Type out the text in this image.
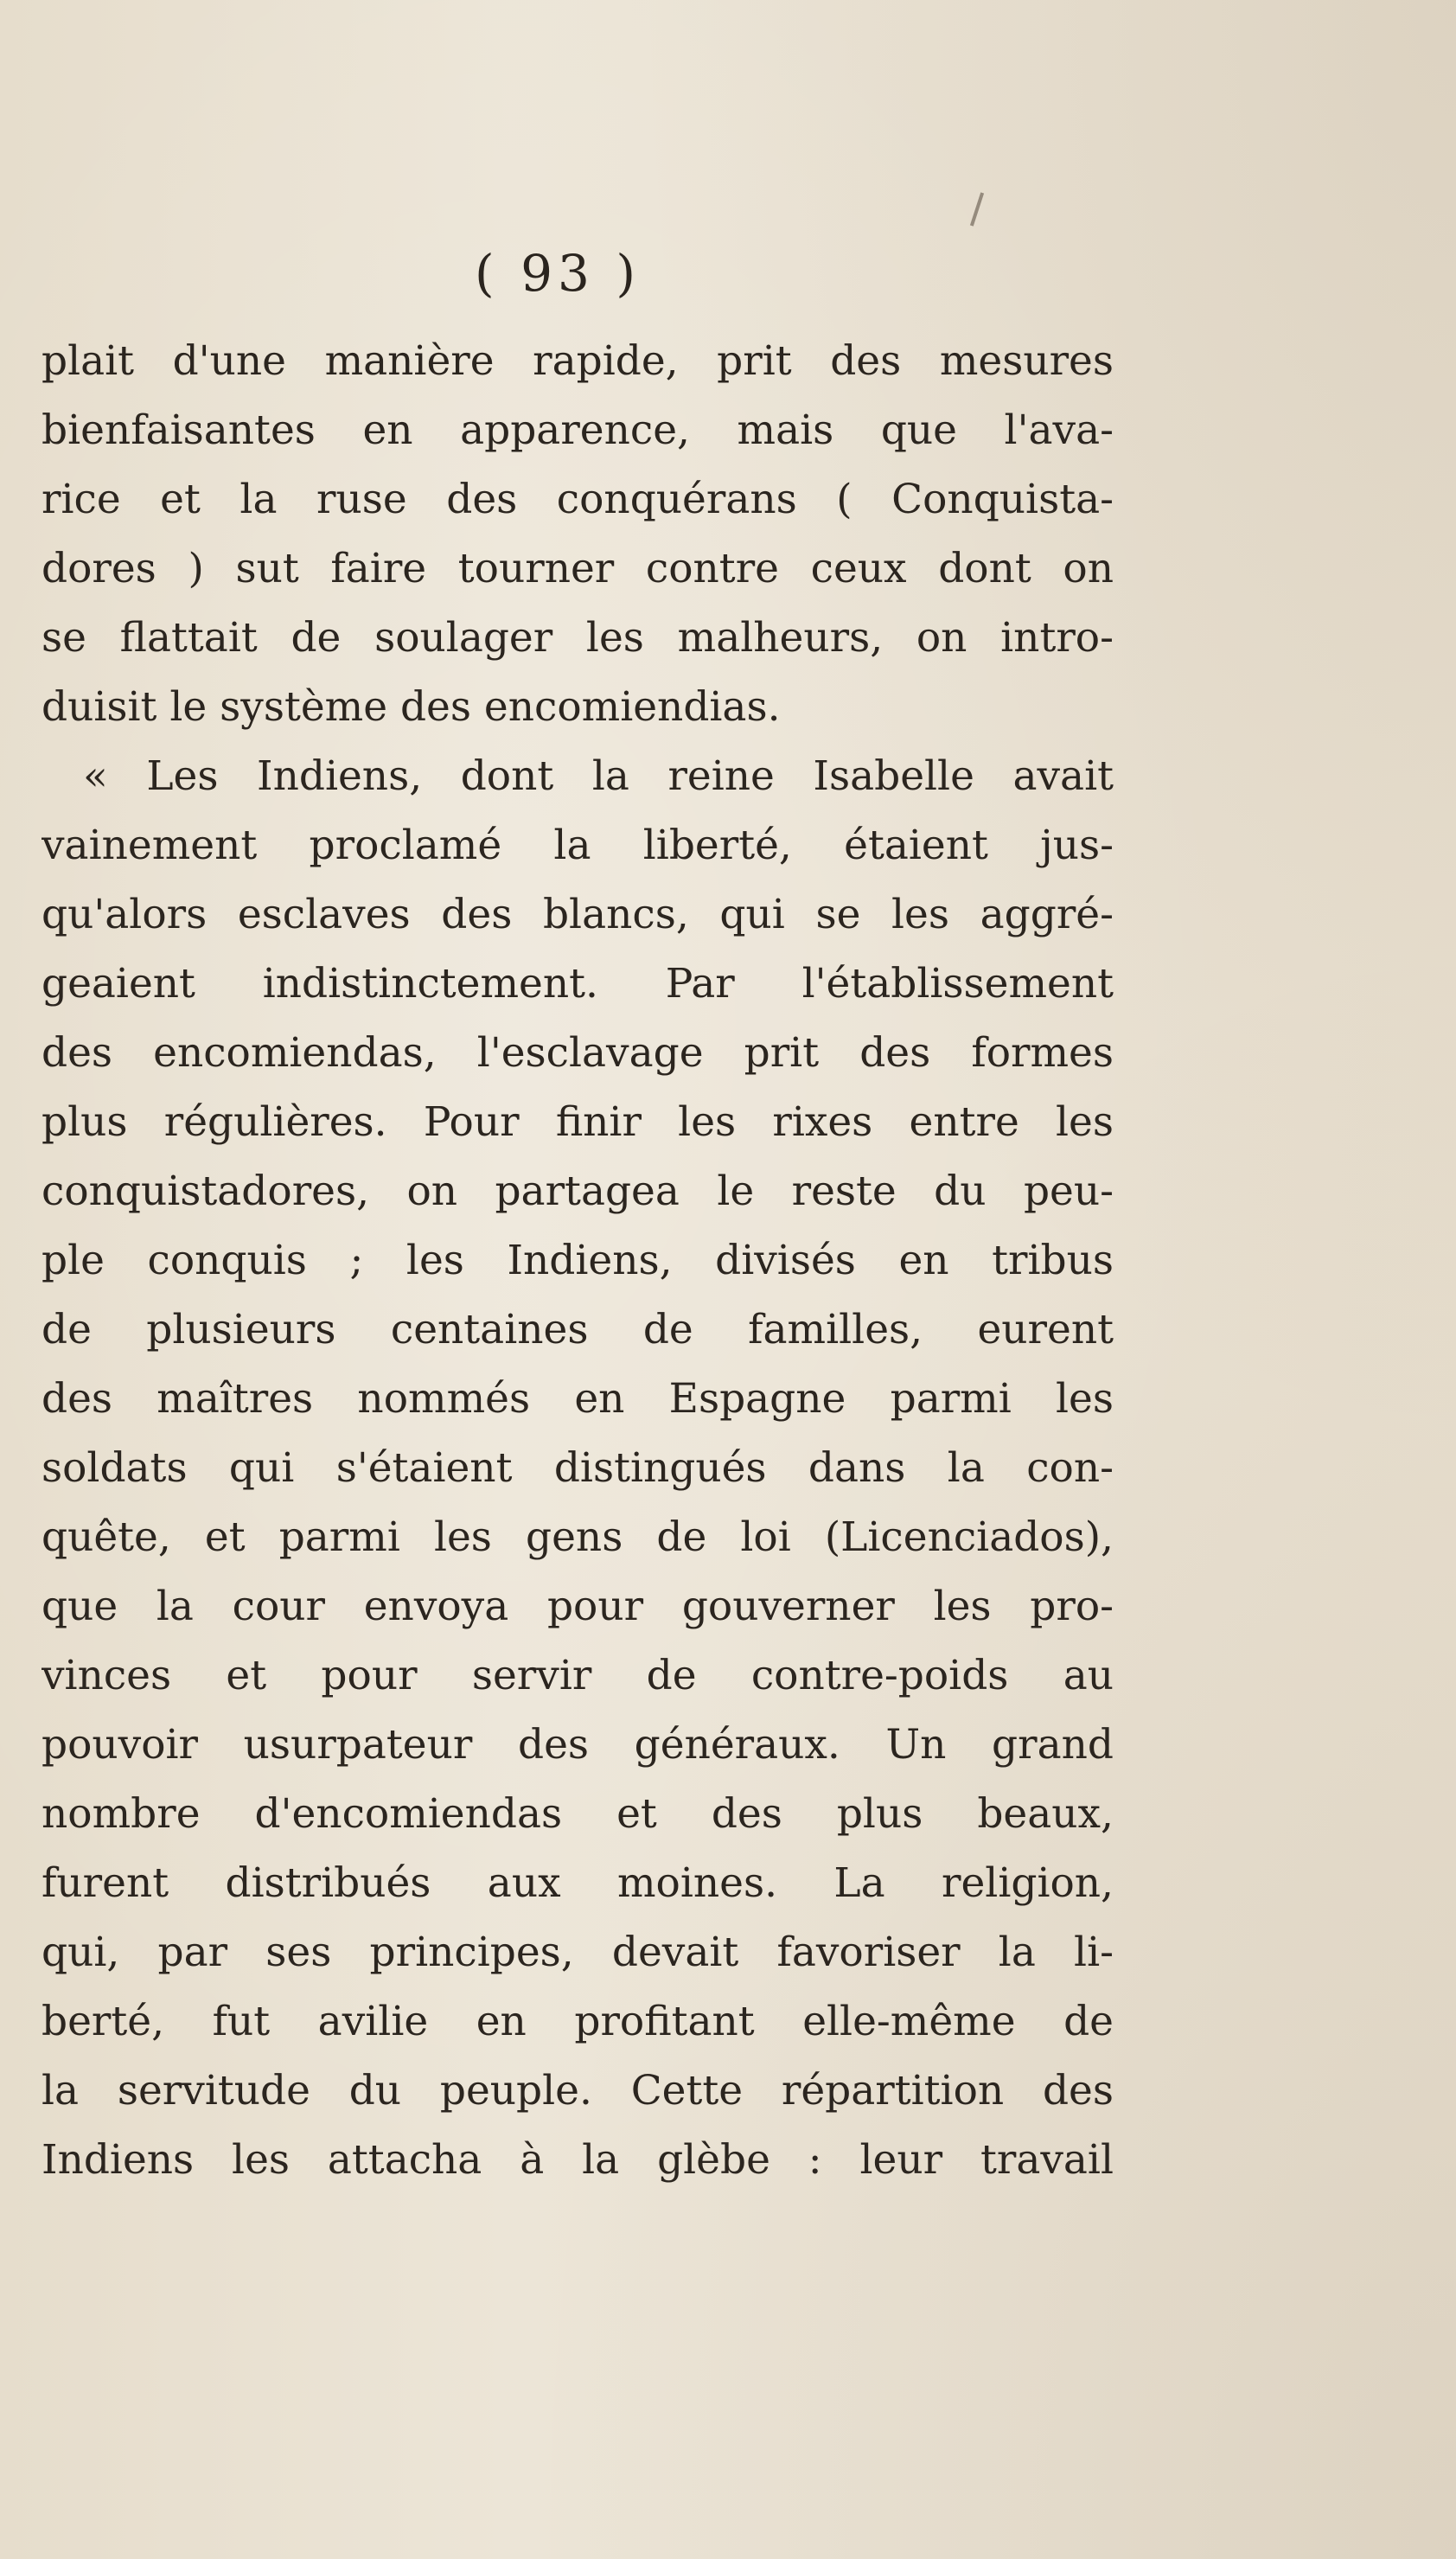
( 93 )
plait d'une manière rapide, prit des mesures
bienfaisantes en apparence, mais que l'ava-
rice et la ruse des conquérans ( Conquista-
dores ) sut faire tourner contre ceux dont on
se flattait de soulager les malheurs, on intro-
duisit le système des encomiendias.
« Les Indiens, dont la reine Isabelle avait
vainement proclamé la liberté, étaient jus-
qu'alors esclaves des blancs, qui se les aggré-
geaient indistinctement. Par l'établissement
des encomiendas, l'esclavage prit des formes
plus régulières. Pour finir les rixes entre les
conquistadores, on partagea le reste du peu-
ple conquis ; les Indiens, divisés en tribus
de plusieurs centaines de familles, eurent
des maîtres nommés en Espagne parmi les
soldats qui s'étaient distingués dans la con-
quête, et parmi les gens de loi (Licenciados),
que la cour envoya pour gouverner les pro-
vinces et pour servir de contre-poids au
pouvoir usurpateur des généraux. Un grand
nombre d'encomiendas et des plus beaux,
furent distribués aux moines. La religion,
qui, par ses principes, devait favoriser la li-
berté, fut avilie en profitant elle-même de
la servitude du peuple. Cette répartition des
Indiens les attacha à la glèbe : leur travail
